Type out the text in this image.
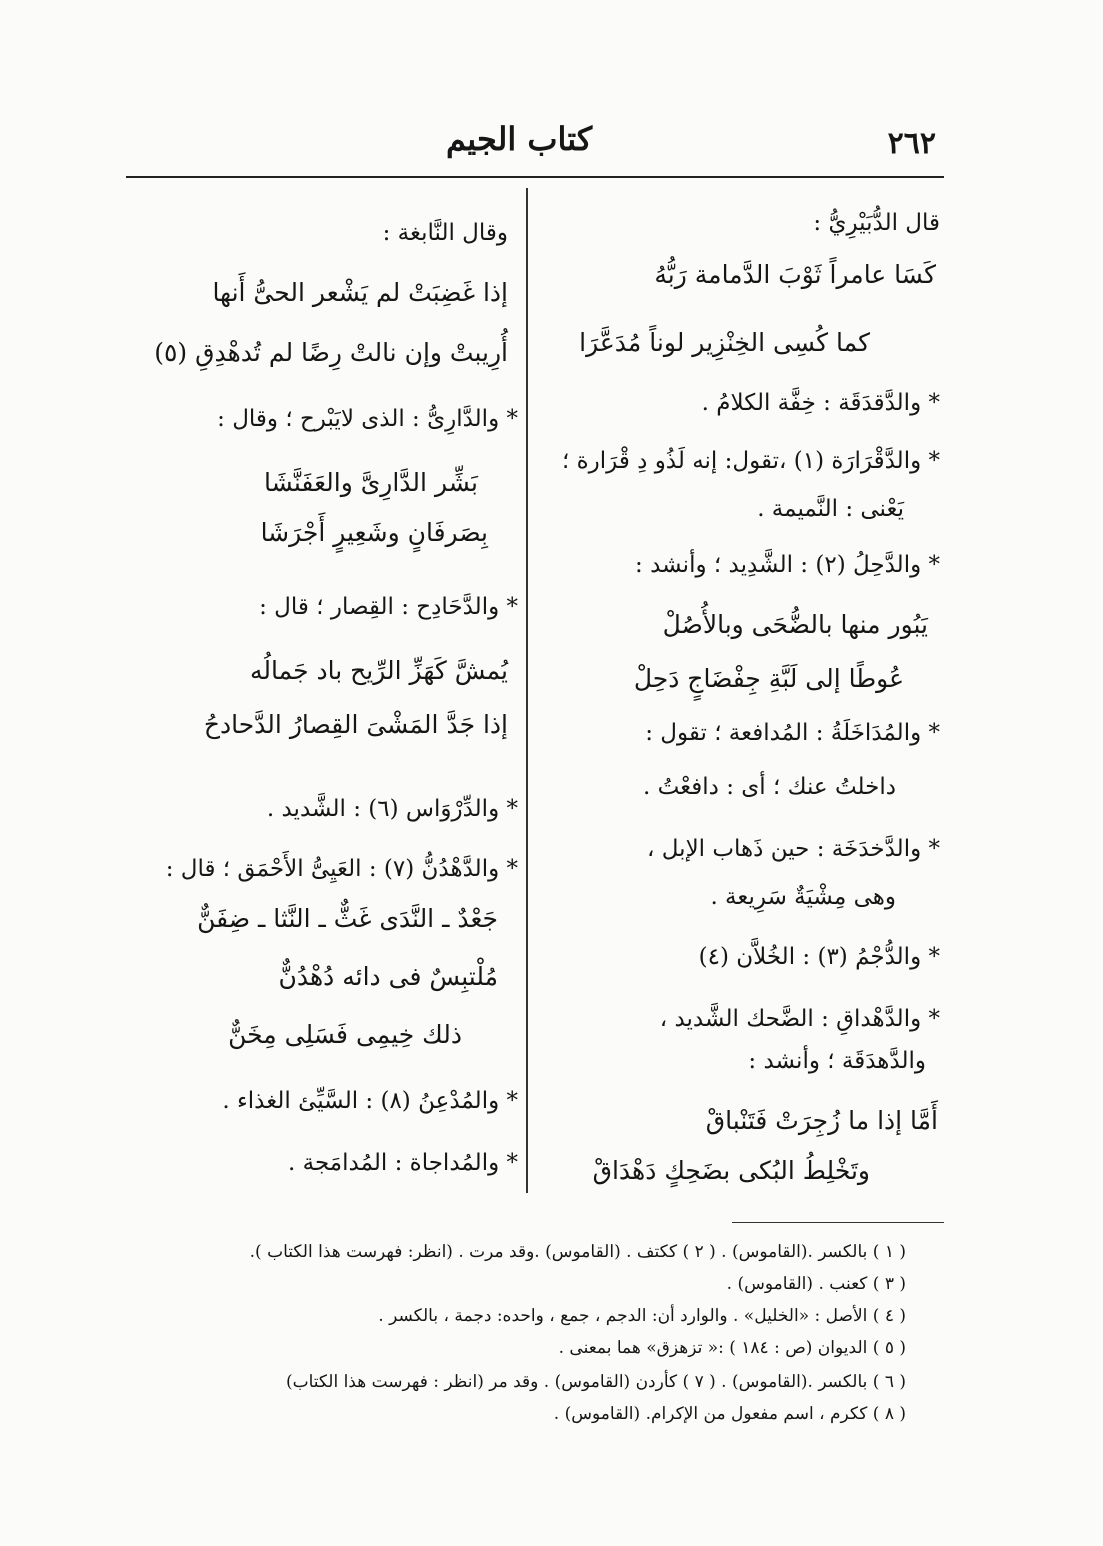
٢٦٢
كتاب الجيم
قال الدُّبَيْرِيُّ :
كَسَا عامراً ثَوْبَ الدَّمامة رَبُّهُ
كما كُسِى الخِنْزِير لوناً مُدَعَّرَا
* والدَّقدَقَة : خِفَّة الكلامُ .
* والدَّقْرَارَة (١) ،تقول: إنه لَذُو دِ قْرَارة ؛
يَعْنى : النَّميمة .
* والدَّحِلُ (٢) : الشَّدِيد ؛ وأنشد :
يَبُور منها بالضُّحَى وبالأُصُلْ
عُوطًا إلى لَبَّةِ جِفْضَاجٍ دَحِلْ
* والمُدَاخَلَةُ : المُدافعة ؛ تقول :
داخلتُ عنك ؛ أى : دافعْتُ .
* والدَّخدَخَة : حين ذَهاب الإبل ،
وهى مِشْيَةٌ سَرِيعة .
* والدُّجْمُ (٣) : الخُلاَّن (٤)
* والدَّهْداقِ : الضَّحك الشَّديد ،
والدَّهدَقَة ؛ وأنشد :
أَمَّا إذا ما زُجِرَتْ فَتَنْباقْ
وتَخْلِطُ البُكى بضَحِكٍ دَهْدَاقْ
وقال النَّابغة :
إذا غَضِبَتْ لم يَشْعر الحىُّ أَنها
أُرِيبتْ وإن نالتْ رِضًا لم تُدهْدِقِ (٥)
* والدَّارِىُّ : الذى لايَبْرح ؛ وقال :
بَشِّر الدَّارِىَّ والعَفَنَّشَا
بِصَرفَانٍ وشَعِيرٍ أَجْرَشَا
* والدَّحَادِح : القِصار ؛ قال :
يُمشَّ كَهَزِّ الرِّيح باد جَمالُه
إذا جَدَّ المَشْىَ القِصارُ الدَّحادحُ
* والدِّرْوَاس (٦) : الشَّديد .
* والدَّهْدُنُّ (٧) : العَيِىُّ الأَحْمَق ؛ قال :
جَعْدٌ ـ النَّدَى غَثٌّ ـ النَّثا ـ ضِفَنٌّ
مُلْتبِسٌ فى دائه دُهْدُنٌّ
ذلك خِيمِى فَسَلِى مِخَنٌّ
* والمُدْعِنُ (٨) : السَّيِّئ الغذاء .
* والمُداجاة : المُدامَجة .
( ١ ) بالكسر .(القاموس) . ( ٢ ) ككتف . (القاموس) .وقد مرت . (انظر: فهرست هذا الكتاب ).
( ٣ ) كعنب . (القاموس) .
( ٤ ) الأصل : «الخليل» . والوارد أن: الدجم ، جمع ، واحده: دجمة ، بالكسر .
( ٥ ) الديوان (ص : ١٨٤ ) :« تزهزق» هما بمعنى .
( ٦ ) بالكسر .(القاموس) . ( ٧ ) كأردن (القاموس) . وقد مر (انظر : فهرست هذا الكتاب)
( ٨ ) ككرم ، اسم مفعول من الإكرام. (القاموس) .
